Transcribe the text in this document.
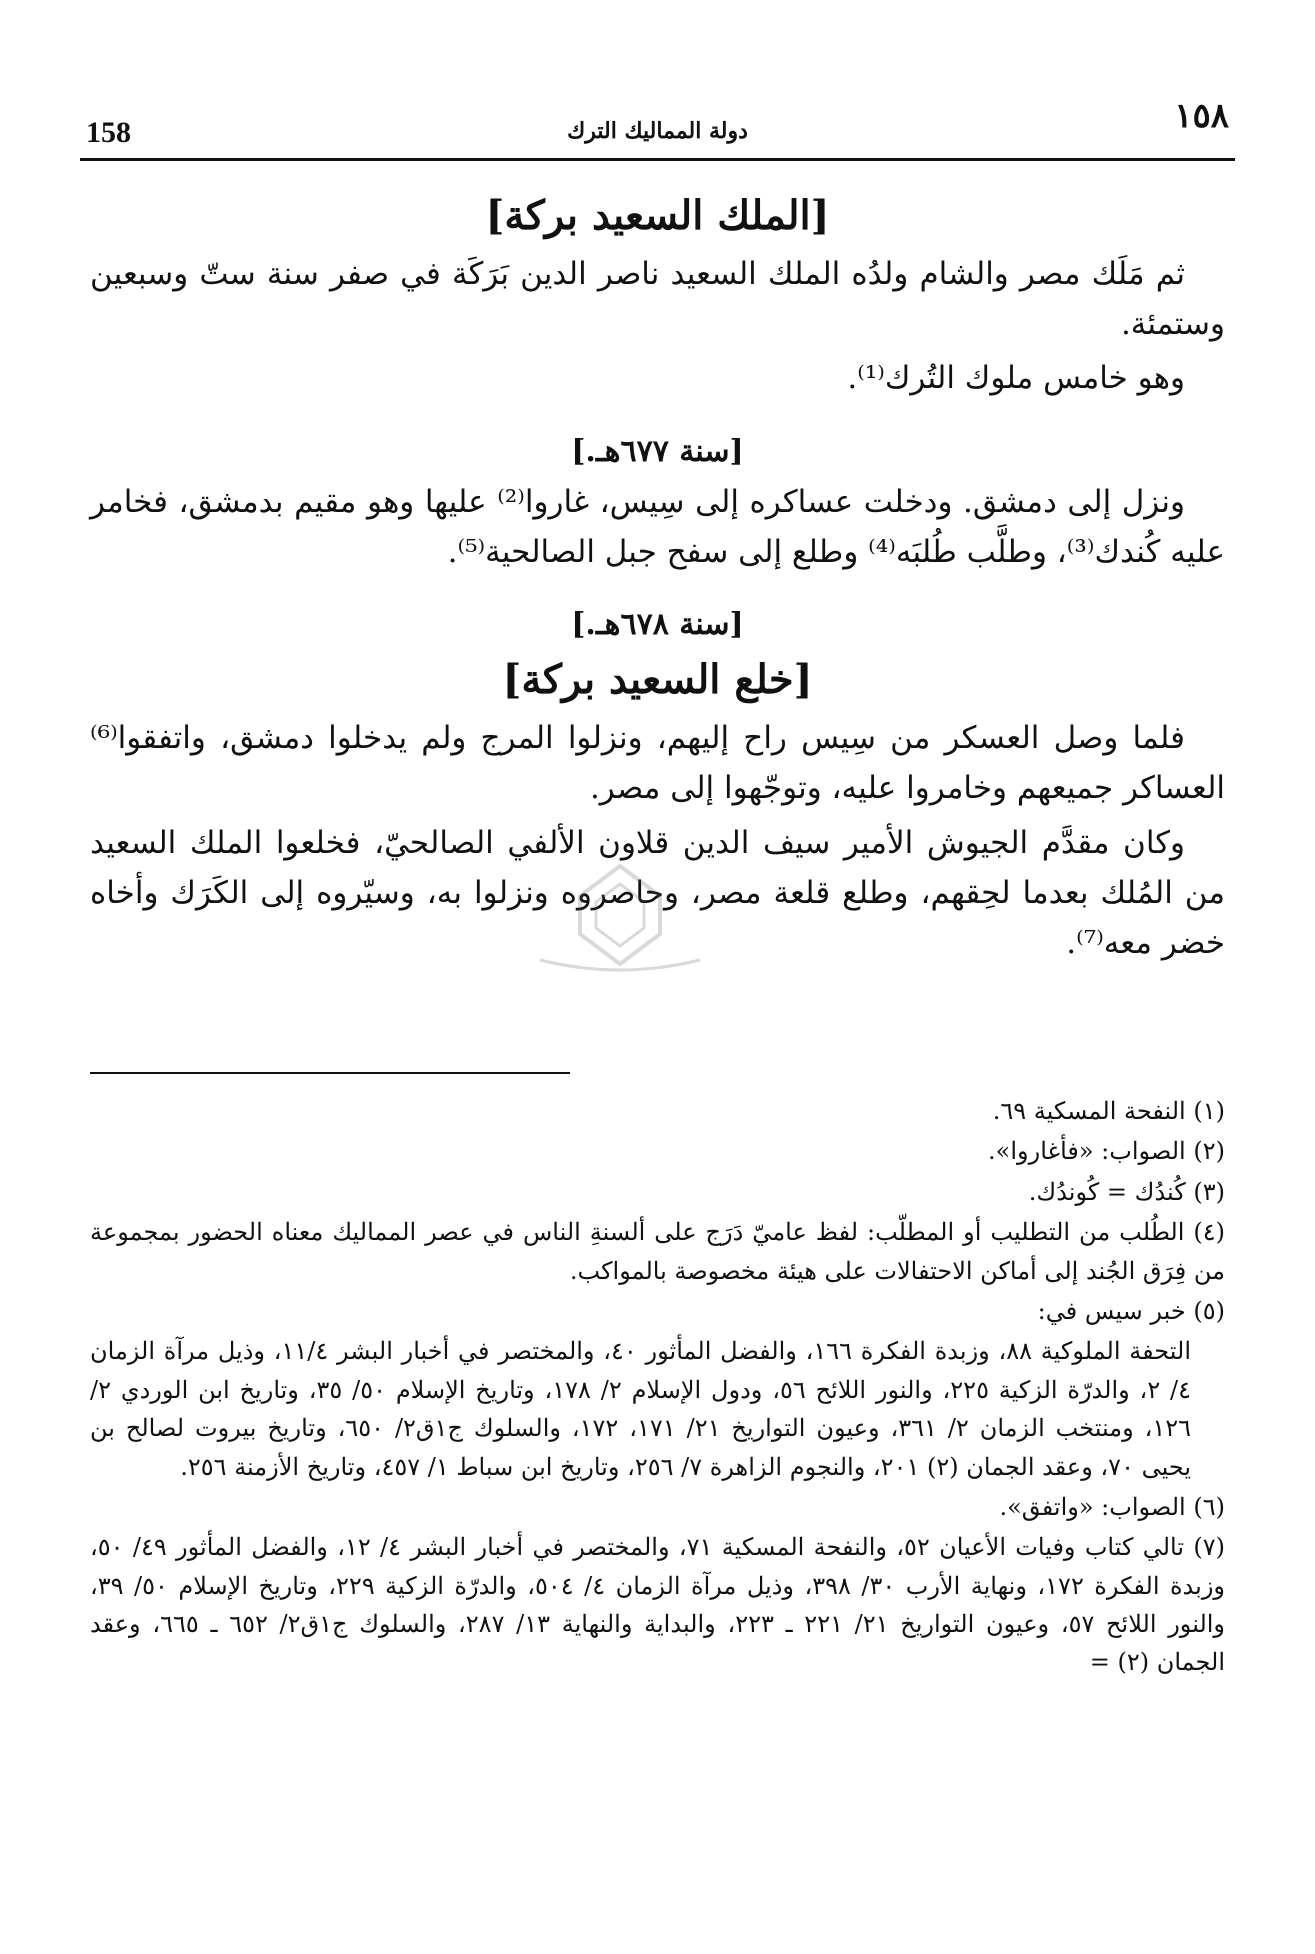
158	دولة المماليك الترك	١٥٨
[الملك السعيد بركة]
ثم مَلَك مصر والشام ولدُه الملك السعيد ناصر الدين بَرَكَة في صفر سنة ستّ وسبعين وستمئة.
وهو خامس ملوك التُرك⁽¹⁾.
[سنة ٦٧٧هـ.]
ونزل إلى دمشق. ودخلت عساكره إلى سِيس، غاروا⁽²⁾ عليها وهو مقيم بدمشق، فخامر عليه كُندك⁽³⁾، وطلَّب طُلبَه⁽⁴⁾ وطلع إلى سفح جبل الصالحية⁽⁵⁾.
[سنة ٦٧٨هـ.]
[خلع السعيد بركة]
فلما وصل العسكر من سِيس راح إليهم، ونزلوا المرج ولم يدخلوا دمشق، واتفقوا⁽⁶⁾ العساكر جميعهم وخامروا عليه، وتوجّهوا إلى مصر.
وكان مقدَّم الجيوش الأمير سيف الدين قلاون الألفي الصالحيّ، فخلعوا الملك السعيد من المُلك بعدما لحِقهم، وطلع قلعة مصر، وحاصروه ونزلوا به، وسيّروه إلى الكَرَك وأخاه خضر معه⁽⁷⁾.
(١) النفحة المسكية ٦٩.
(٢) الصواب: «فأغاروا».
(٣) كُندُك = كُوندُك.
(٤) الطُلب من التطليب أو المطلّب: لفظ عاميّ دَرَج على ألسنةِ الناس في عصر المماليك معناه الحضور بمجموعة من فِرَق الجُند إلى أماكن الاحتفالات على هيئة مخصوصة بالمواكب.
(٥) خبر سيس في:
التحفة الملوكية ٨٨، وزبدة الفكرة ١٦٦، والفضل المأثور ٤٠، والمختصر في أخبار البشر ١١/٤، وذيل مرآة الزمان ٤/ ٢، والدرّة الزكية ٢٢٥، والنور اللائح ٥٦، ودول الإسلام ٢/ ١٧٨، وتاريخ الإسلام ٥٠/ ٣٥، وتاريخ ابن الوردي ٢/ ١٢٦، ومنتخب الزمان ٢/ ٣٦١، وعيون التواريخ ٢١/ ١٧١، ١٧٢، والسلوك ج١ق٢/ ٦٥٠، وتاريخ بيروت لصالح بن يحيى ٧٠، وعقد الجمان (٢) ٢٠١، والنجوم الزاهرة ٧/ ٢٥٦، وتاريخ ابن سباط ١/ ٤٥٧، وتاريخ الأزمنة ٢٥٦.
(٦) الصواب: «واتفق».
(٧) تالي كتاب وفيات الأعيان ٥٢، والنفحة المسكية ٧١، والمختصر في أخبار البشر ٤/ ١٢، والفضل المأثور ٤٩/ ٥٠، وزبدة الفكرة ١٧٢، ونهاية الأرب ٣٠/ ٣٩٨، وذيل مرآة الزمان ٤/ ٥٠٤، والدرّة الزكية ٢٢٩، وتاريخ الإسلام ٥٠/ ٣٩، والنور اللائح ٥٧، وعيون التواريخ ٢١/ ٢٢١ ـ ٢٢٣، والبداية والنهاية ١٣/ ٢٨٧، والسلوك ج١ق٢/ ٦٥٢ ـ ٦٦٥، وعقد الجمان (٢) =
